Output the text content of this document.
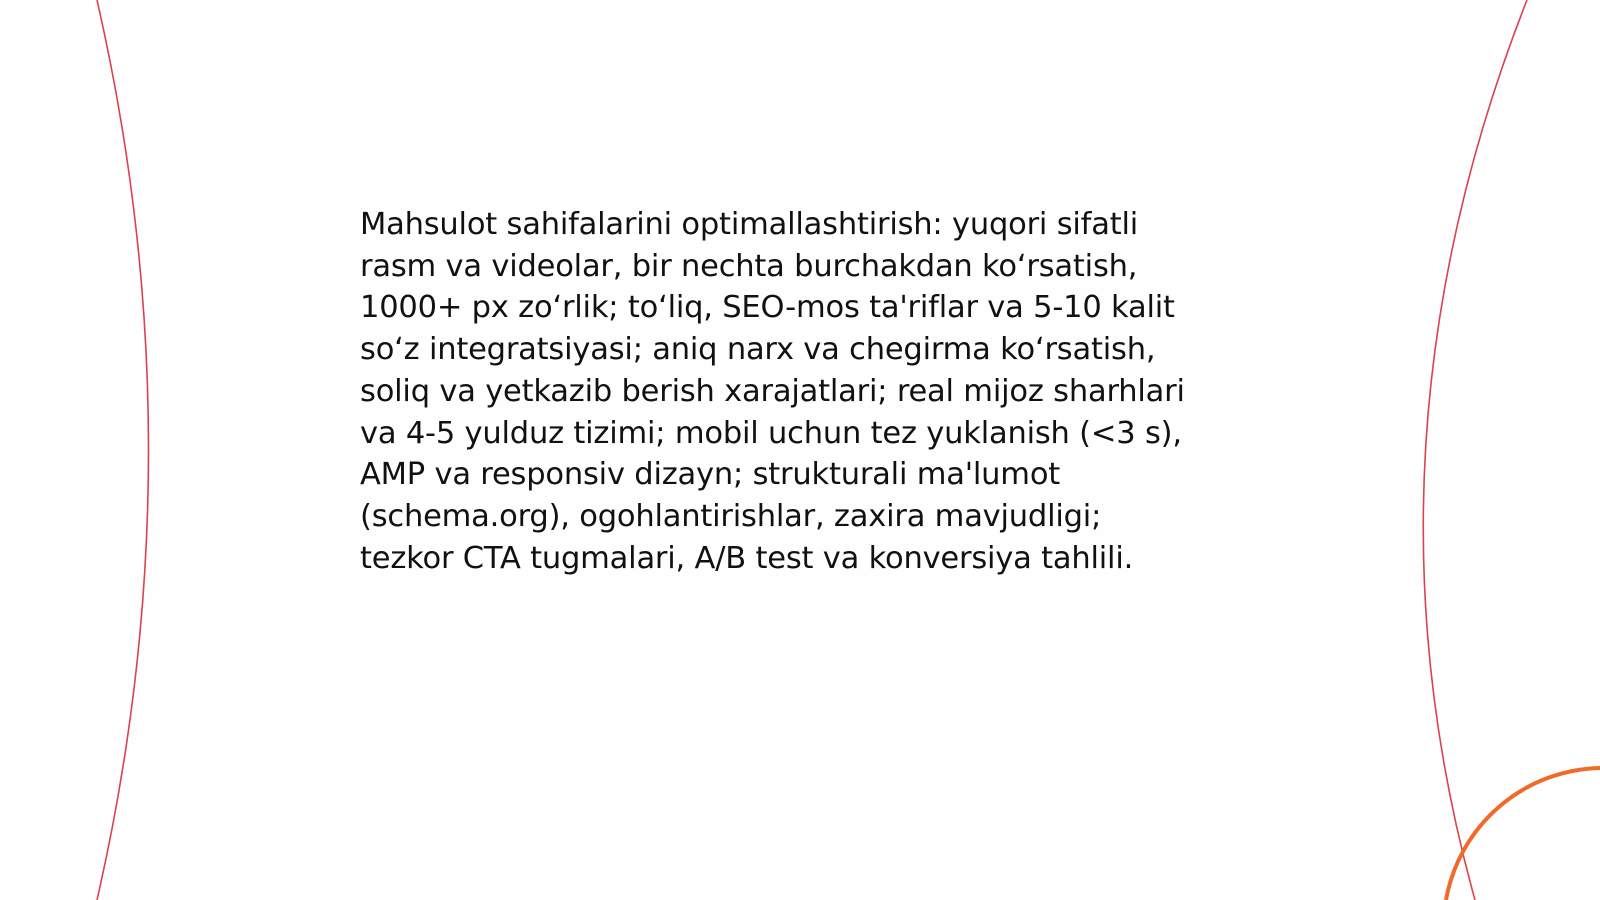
Mahsulot sahifalarini optimallashtirish: yuqori sifatli
rasm va videolar, bir nechta burchakdan ko‘rsatish,
1000+ px zo‘rlik; to‘liq, SEO-mos ta'riflar va 5-10 kalit
so‘z integratsiyasi; aniq narx va chegirma ko‘rsatish,
soliq va yetkazib berish xarajatlari; real mijoz sharhlari
va 4-5 yulduz tizimi; mobil uchun tez yuklanish (<3 s),
AMP va responsiv dizayn; strukturali ma'lumot
(schema.org), ogohlantirishlar, zaxira mavjudligi;
tezkor CTA tugmalari, A/B test va konversiya tahlili.
